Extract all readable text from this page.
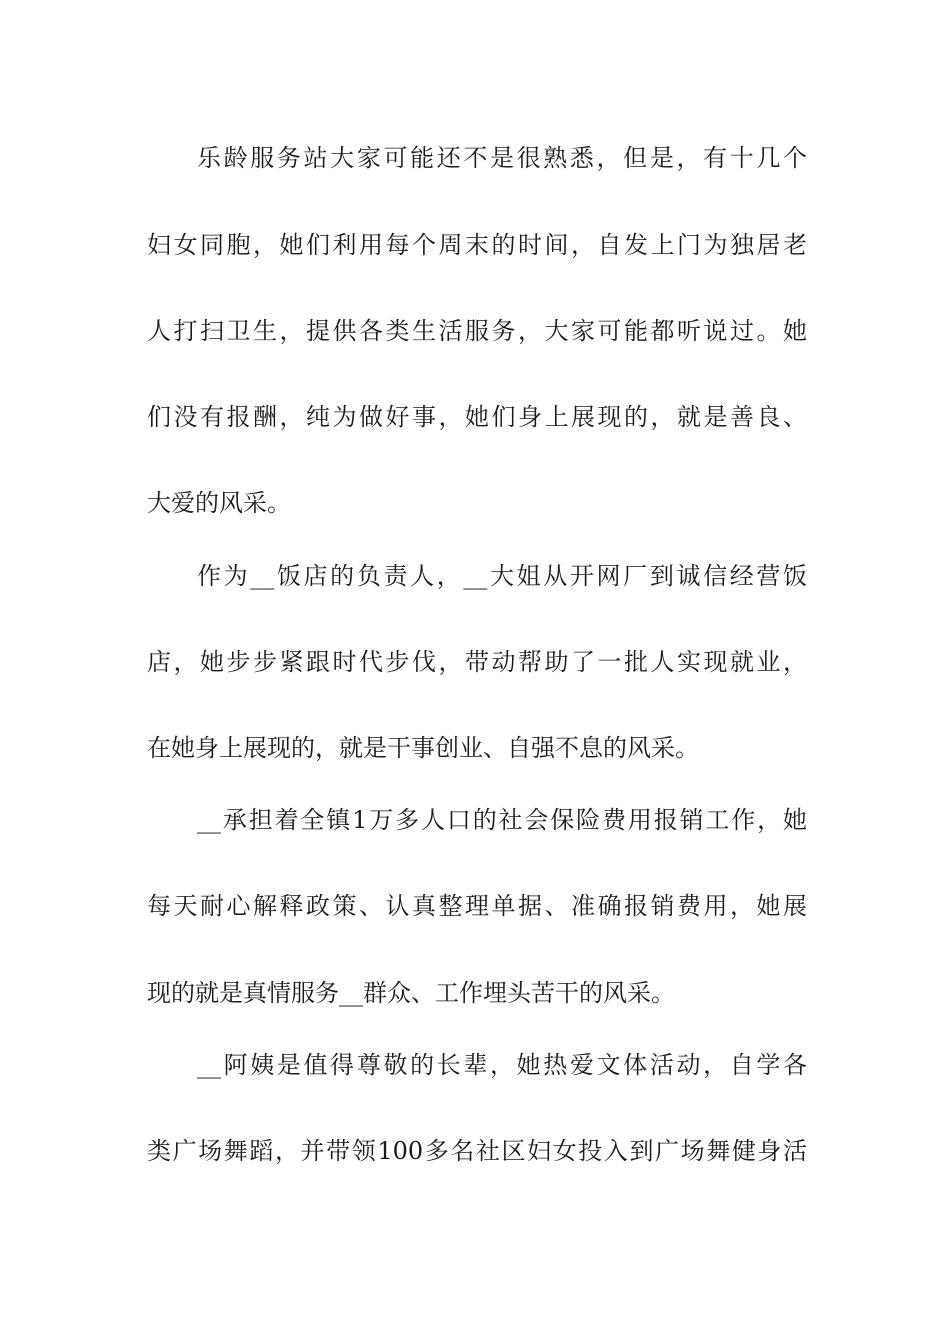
乐龄服务站大家可能还不是很熟悉，但是，有十几个
妇女同胞，她们利用每个周末的时间，自发上门为独居老
人打扫卫生，提供各类生活服务，大家可能都听说过。她
们没有报酬，纯为做好事，她们身上展现的，就是善良、
大爱的风采。
作为__饭店的负责人，__大姐从开网厂到诚信经营饭
店，她步步紧跟时代步伐，带动帮助了一批人实现就业，
在她身上展现的，就是干事创业、自强不息的风采。
__承担着全镇1万多人口的社会保险费用报销工作，她
每天耐心解释政策、认真整理单据、准确报销费用，她展
现的就是真情服务__群众、工作埋头苦干的风采。
__阿姨是值得尊敬的长辈，她热爱文体活动，自学各
类广场舞蹈，并带领100多名社区妇女投入到广场舞健身活
